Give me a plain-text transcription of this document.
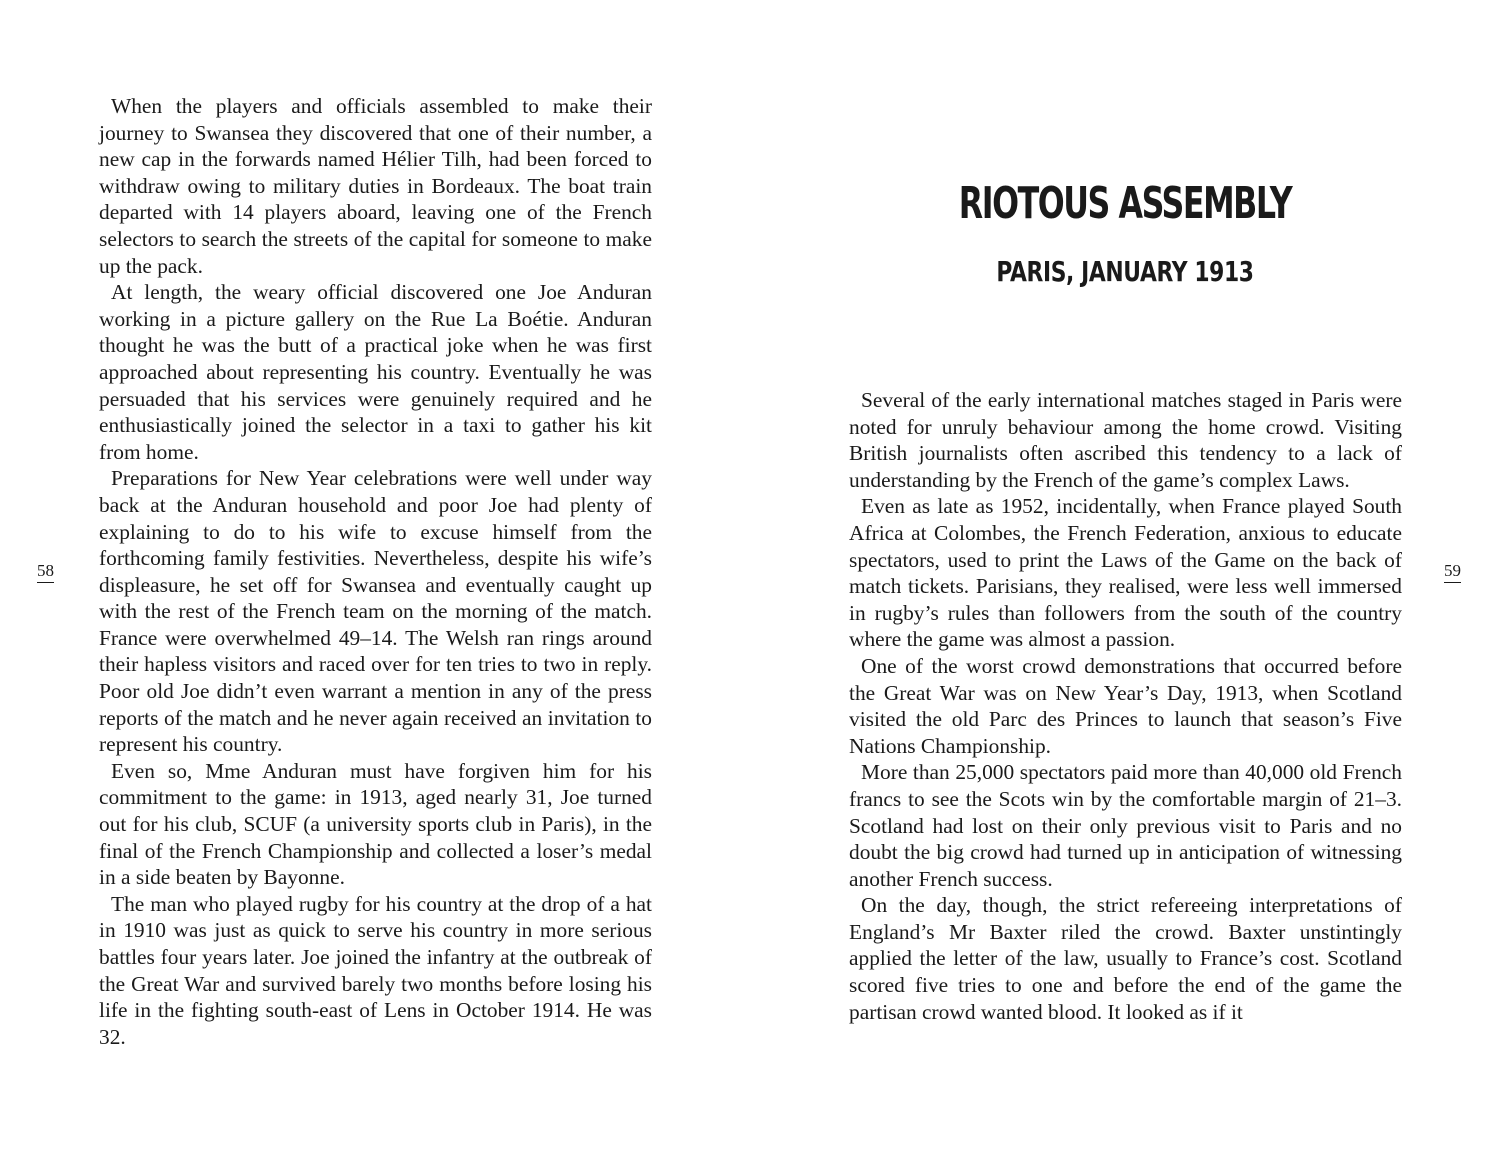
58

When the players and officials assembled to make their journey to Swansea they discovered that one of their number, a new cap in the forwards named Hélier Tilh, had been forced to withdraw owing to military duties in Bordeaux. The boat train departed with 14 players aboard, leaving one of the French selectors to search the streets of the capital for someone to make up the pack.

At length, the weary official discovered one Joe Anduran working in a picture gallery on the Rue La Boétie. Anduran thought he was the butt of a practical joke when he was first approached about representing his country. Eventually he was persuaded that his services were genuinely required and he enthusiastically joined the selector in a taxi to gather his kit from home.

Preparations for New Year celebrations were well under way back at the Anduran household and poor Joe had plenty of explaining to do to his wife to excuse himself from the forthcoming family festivities. Nevertheless, despite his wife’s displeasure, he set off for Swansea and eventually caught up with the rest of the French team on the morning of the match. France were overwhelmed 49–14. The Welsh ran rings around their hapless visitors and raced over for ten tries to two in reply. Poor old Joe didn’t even warrant a mention in any of the press reports of the match and he never again received an invitation to represent his country.

Even so, Mme Anduran must have forgiven him for his commitment to the game: in 1913, aged nearly 31, Joe turned out for his club, SCUF (a university sports club in Paris), in the final of the French Championship and collected a loser’s medal in a side beaten by Bayonne.

The man who played rugby for his country at the drop of a hat in 1910 was just as quick to serve his country in more serious battles four years later. Joe joined the infantry at the outbreak of the Great War and survived barely two months before losing his life in the fighting south-east of Lens in October 1914. He was 32.

RIOTOUS ASSEMBLY
PARIS, JANUARY 1913

Several of the early international matches staged in Paris were noted for unruly behaviour among the home crowd. Visiting British journalists often ascribed this tendency to a lack of understanding by the French of the game’s complex Laws.

Even as late as 1952, incidentally, when France played South Africa at Colombes, the French Federation, anxious to educate spectators, used to print the Laws of the Game on the back of match tickets. Parisians, they realised, were less well immersed in rugby’s rules than followers from the south of the country where the game was almost a passion.

One of the worst crowd demonstrations that occurred before the Great War was on New Year’s Day, 1913, when Scotland visited the old Parc des Princes to launch that season’s Five Nations Championship.

More than 25,000 spectators paid more than 40,000 old French francs to see the Scots win by the comfortable margin of 21–3. Scotland had lost on their only previous visit to Paris and no doubt the big crowd had turned up in anticipation of witnessing another French success.

On the day, though, the strict refereeing interpretations of England’s Mr Baxter riled the crowd. Baxter unstintingly applied the letter of the law, usually to France’s cost. Scotland scored five tries to one and before the end of the game the partisan crowd wanted blood. It looked as if it

59
